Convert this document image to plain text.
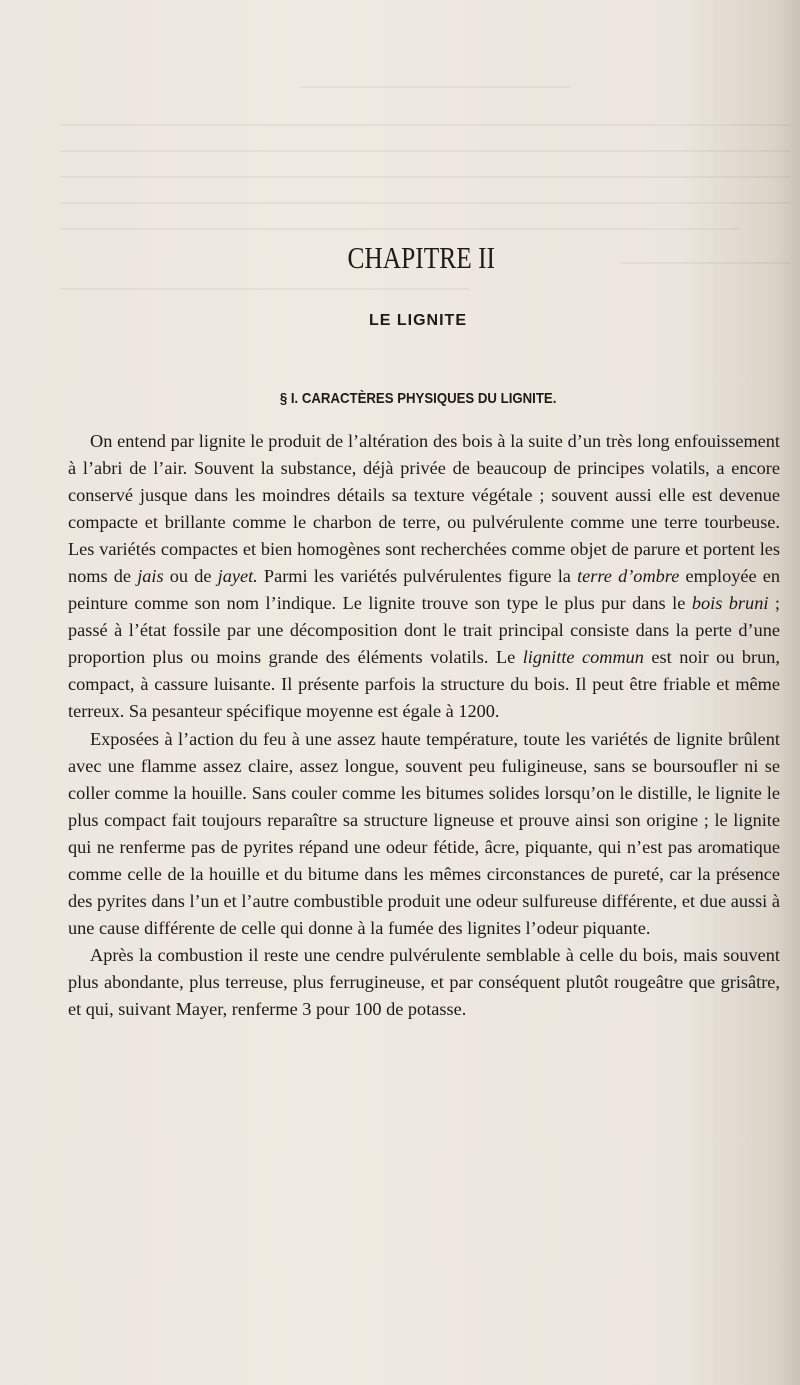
CHAPITRE II
LE LIGNITE
§ I. CARACTÈRES PHYSIQUES DU LIGNITE.

On entend par lignite le produit de l’altération des bois à la suite d’un très long enfouissement à l’abri de l’air. Souvent la substance, déjà privée de beaucoup de principes volatils, a encore conservé jusque dans les moindres détails sa texture végétale ; souvent aussi elle est devenue compacte et brillante comme le charbon de terre, ou pulvérulente comme une terre tourbeuse. Les variétés compactes et bien homogènes sont recherchées comme objet de parure et portent les noms de jais ou de jayet. Parmi les variétés pulvérulentes figure la terre d’ombre employée en peinture comme son nom l’indique. Le lignite trouve son type le plus pur dans le bois bruni ; passé à l’état fossile par une décomposition dont le trait principal consiste dans la perte d’une proportion plus ou moins grande des éléments volatils. Le lignitte commun est noir ou brun, compact, à cassure luisante. Il présente parfois la structure du bois. Il peut être friable et même terreux. Sa pesanteur spécifique moyenne est égale à 1200.

Exposées à l’action du feu à une assez haute température, toute les variétés de lignite brûlent avec une flamme assez claire, assez longue, souvent peu fuligineuse, sans se boursoufler ni se coller comme la houille. Sans couler comme les bitumes solides lorsqu’on le distille, le lignite le plus compact fait toujours reparaître sa structure ligneuse et prouve ainsi son origine ; le lignite qui ne renferme pas de pyrites répand une odeur fétide, âcre, piquante, qui n’est pas aromatique comme celle de la houille et du bitume dans les mêmes circonstances de pureté, car la présence des pyrites dans l’un et l’autre combustible produit une odeur sulfureuse différente, et due aussi à une cause différente de celle qui donne à la fumée des lignites l’odeur piquante.

Après la combustion il reste une cendre pulvérulente semblable à celle du bois, mais souvent plus abondante, plus terreuse, plus ferrugineuse, et par conséquent plutôt rougeâtre que grisâtre, et qui, suivant Mayer, renferme 3 pour 100 de potasse.
